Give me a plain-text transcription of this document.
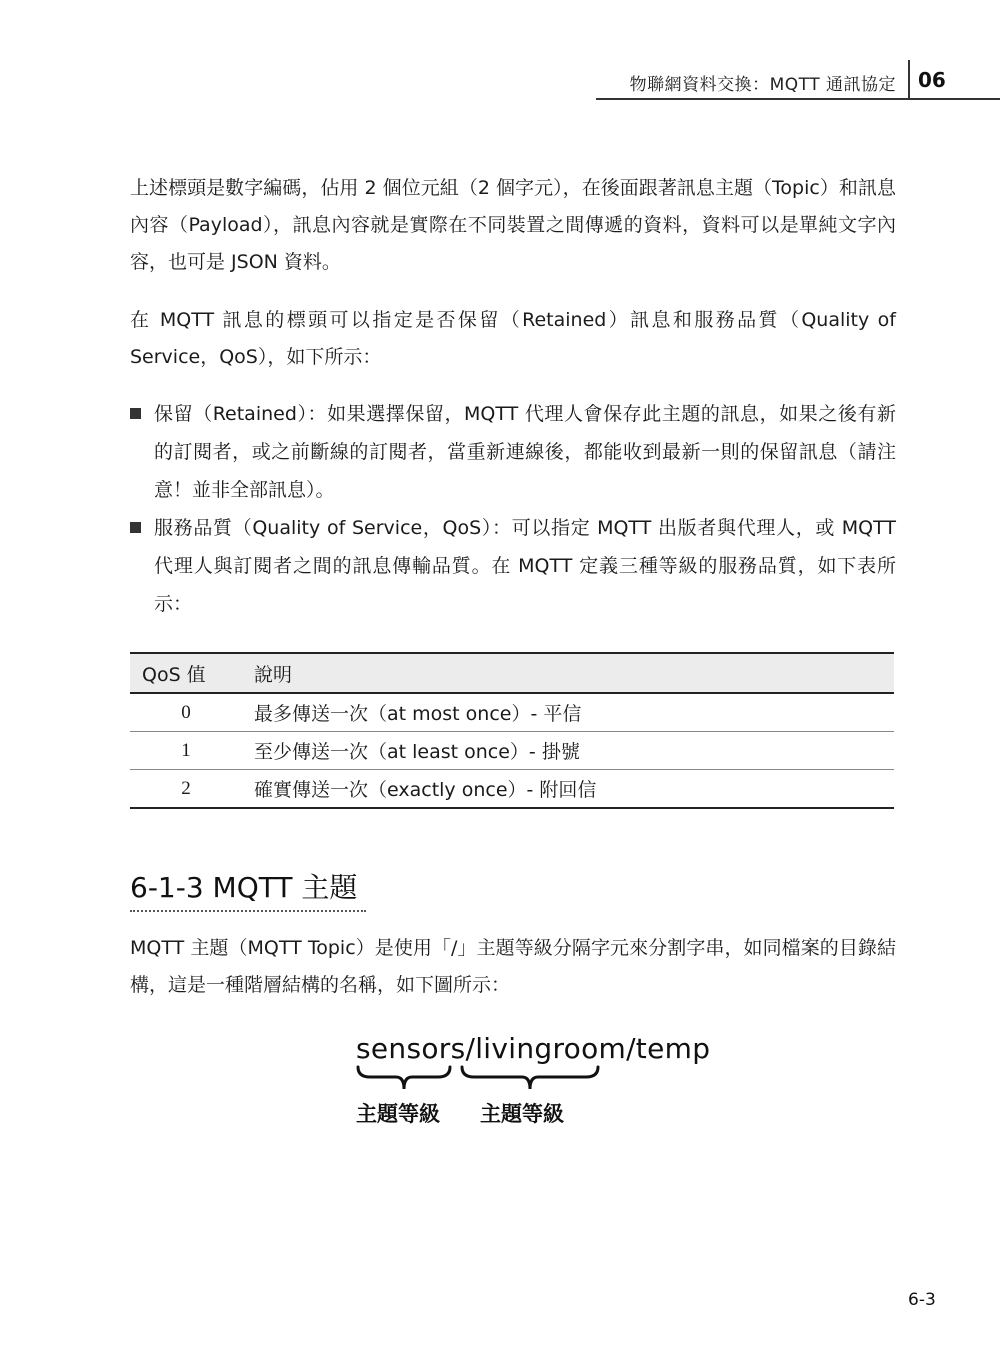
物聯網資料交換：MQTT 通訊協定 06

上述標頭是數字編碼，佔用 2 個位元組（2 個字元），在後面跟著訊息主題（Topic）和訊息內容（Payload），訊息內容就是實際在不同裝置之間傳遞的資料，資料可以是單純文字內容，也可是 JSON 資料。

在 MQTT 訊息的標頭可以指定是否保留（Retained）訊息和服務品質（Quality of Service，QoS），如下所示：

保留（Retained）：如果選擇保留，MQTT 代理人會保存此主題的訊息，如果之後有新的訂閱者，或之前斷線的訂閱者，當重新連線後，都能收到最新一則的保留訊息（請注意！並非全部訊息）。
服務品質（Quality of Service，QoS）：可以指定 MQTT 出版者與代理人，或 MQTT 代理人與訂閱者之間的訊息傳輸品質。在 MQTT 定義三種等級的服務品質，如下表所示：
QoS 值	說明
0	最多傳送一次（at most once）- 平信
1	至少傳送一次（at least once）- 掛號
2	確實傳送一次（exactly once）- 附回信
6-1-3 MQTT 主題

MQTT 主題（MQTT Topic）是使用「/」主題等級分隔字元來分割字串，如同檔案的目錄結構，這是一種階層結構的名稱，如下圖所示：

sensors/livingroom/temp
主題等級 主題等級
6-3
